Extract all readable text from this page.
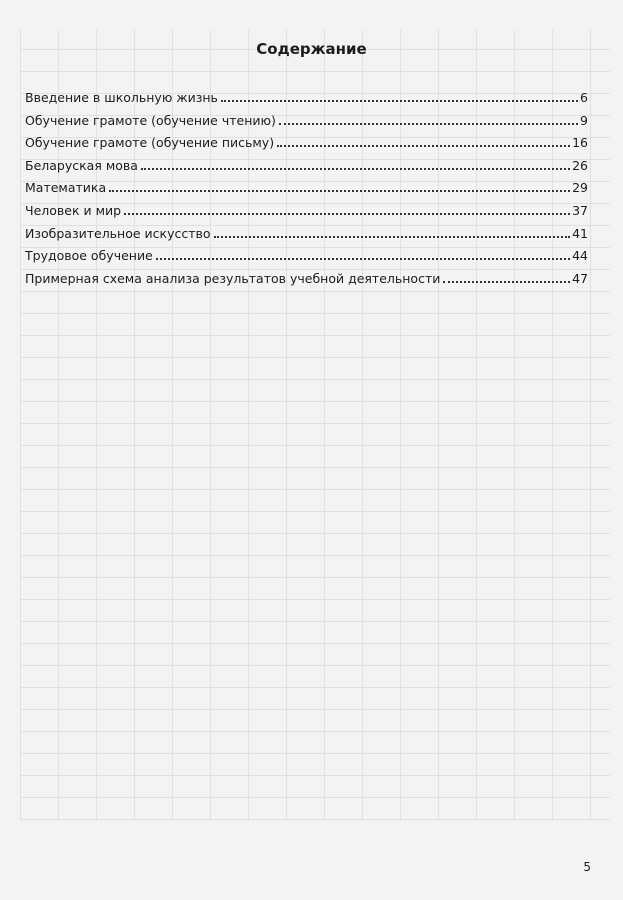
Содержание
Введение в школьную жизнь	6
Обучение грамоте (обучение чтению)	9
Обучение грамоте (обучение письму)	16
Беларуская мова	26
Математика	29
Человек и мир	37
Изобразительное искусство	41
Трудовое обучение	44
Примерная схема анализа результатов учебной деятельности	47
5
